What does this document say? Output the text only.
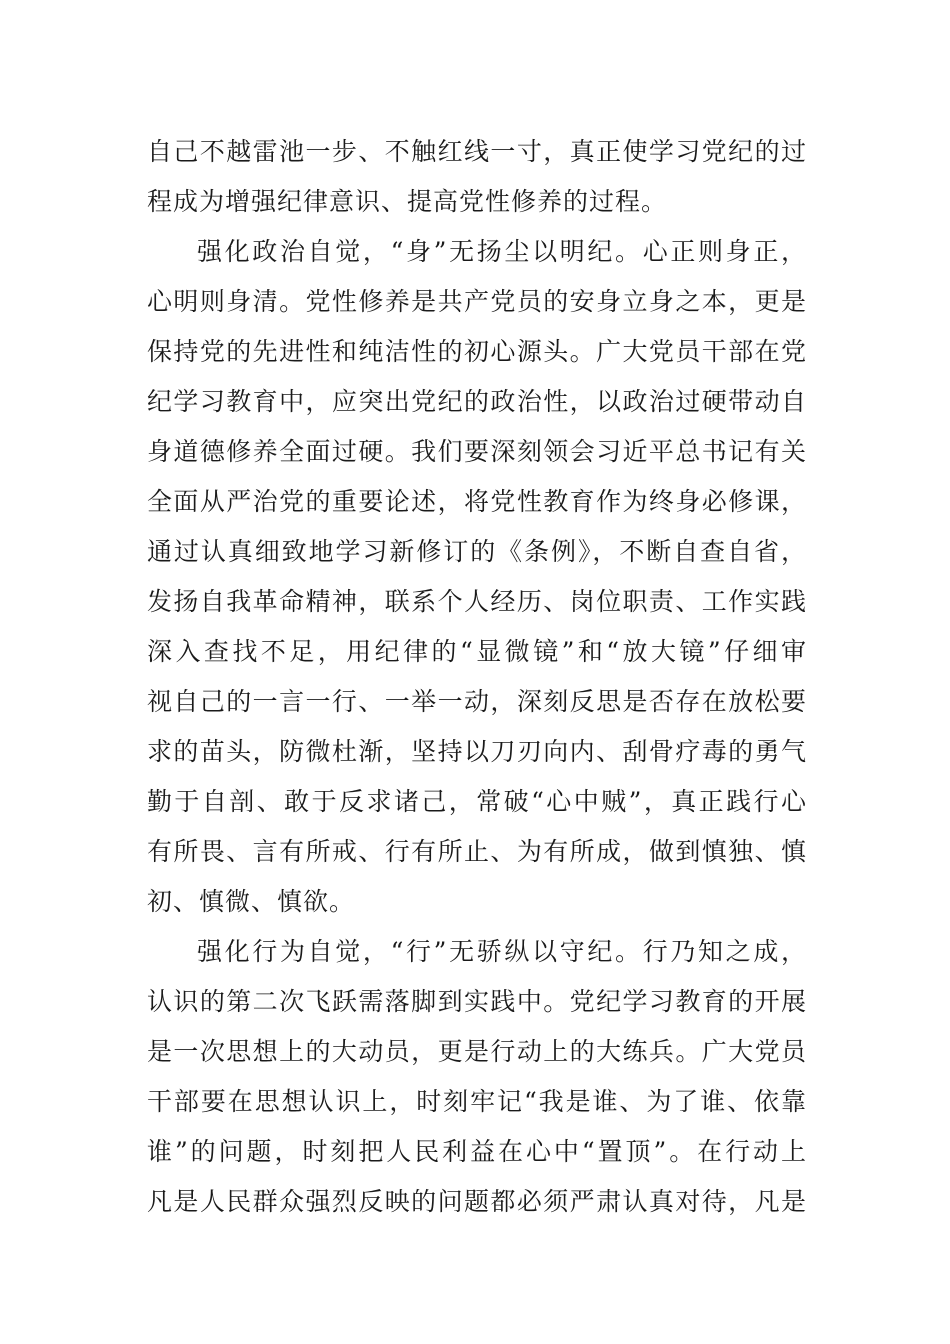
自己不越雷池一步、不触红线一寸，真正使学习党纪的过
程成为增强纪律意识、提高党性修养的过程。
强化政治自觉，“身”无扬尘以明纪。心正则身正，
心明则身清。党性修养是共产党员的安身立身之本，更是
保持党的先进性和纯洁性的初心源头。广大党员干部在党
纪学习教育中，应突出党纪的政治性，以政治过硬带动自
身道德修养全面过硬。我们要深刻领会习近平总书记有关
全面从严治党的重要论述，将党性教育作为终身必修课，
通过认真细致地学习新修订的《条例》，不断自查自省，
发扬自我革命精神，联系个人经历、岗位职责、工作实践
深入查找不足，用纪律的“显微镜”和“放大镜”仔细审
视自己的一言一行、一举一动，深刻反思是否存在放松要
求的苗头，防微杜渐，坚持以刀刃向内、刮骨疗毒的勇气
勤于自剖、敢于反求诸己，常破“心中贼”，真正践行心
有所畏、言有所戒、行有所止、为有所成，做到慎独、慎
初、慎微、慎欲。
强化行为自觉，“行”无骄纵以守纪。行乃知之成，
认识的第二次飞跃需落脚到实践中。党纪学习教育的开展
是一次思想上的大动员，更是行动上的大练兵。广大党员
干部要在思想认识上，时刻牢记“我是谁、为了谁、依靠
谁”的问题，时刻把人民利益在心中“置顶”。在行动上
凡是人民群众强烈反映的问题都必须严肃认真对待，凡是
